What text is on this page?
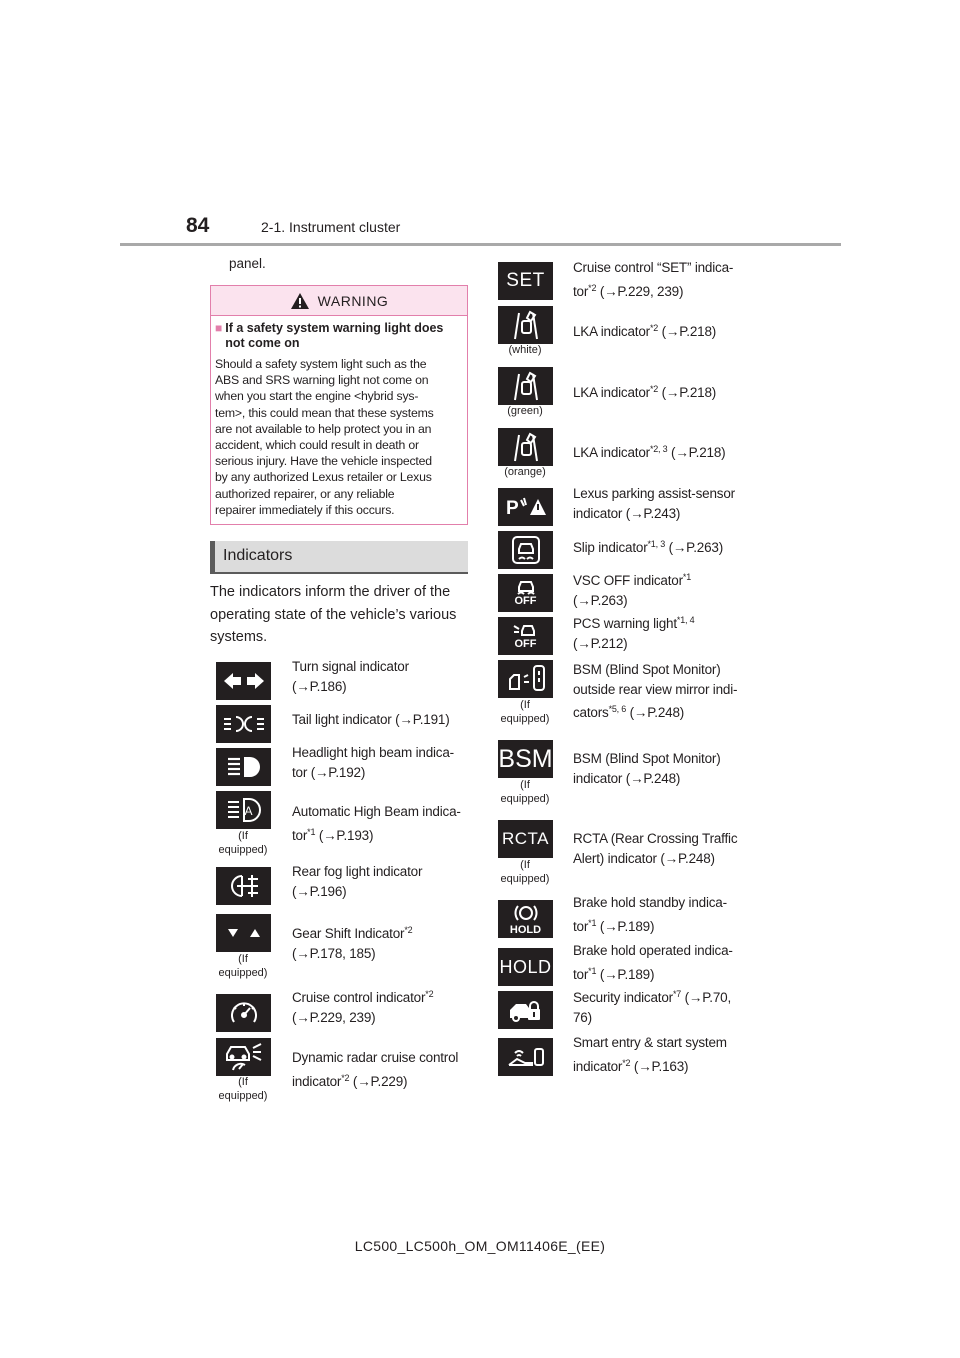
84	2-1. Instrument cluster
panel.
WARNING
■ If a safety system warning light does
not come on
Should a safety system light such as the
ABS and SRS warning light not come on
when you start the engine <hybrid sys-
tem>, this could mean that these systems
are not available to help protect you in an
accident, which could result in death or
serious injury. Have the vehicle inspected
by any authorized Lexus retailer or Lexus
authorized repairer, or any reliable
repairer immediately if this occurs.
Indicators
The indicators inform the driver of the
operating state of the vehicle’s various
systems.
A
(If
equipped)
(If
equipped)
(If
equipped)
Turn signal indicator
(→P.186)
Tail light indicator (→P.191)
Headlight high beam indica-
tor (→P.192)
Automatic High Beam indica-
tor$^{*1}$ (→P.193)
Rear fog light indicator
(→P.196)
Gear Shift Indicator$^{*2}$
(→P.178, 185)
Cruise control indicator$^{*2}$
(→P.229, 239)
Dynamic radar cruise control
indicator$^{*2}$ (→P.229)
SET
(white)
(green)
(orange)
P
OFF
OFF
(If
equipped)
BSM
(If
equipped)
RCTA
(If
equipped)
HOLD
HOLD
Cruise control “SET” indica-
tor$^{*2}$ (→P.229, 239)
LKA indicator$^{*2}$ (→P.218)
LKA indicator$^{*2}$ (→P.218)
LKA indicator$^{*2, 3}$ (→P.218)
Lexus parking assist-sensor
indicator (→P.243)
Slip indicator$^{*1, 3}$ (→P.263)
VSC OFF indicator$^{*1}$
(→P.263)
PCS warning light$^{*1, 4}$
(→P.212)
BSM (Blind Spot Monitor)
outside rear view mirror indi-
cators$^{*5, 6}$ (→P.248)
BSM (Blind Spot Monitor)
indicator (→P.248)
RCTA (Rear Crossing Traffic
Alert) indicator (→P.248)
Brake hold standby indica-
tor$^{*1}$ (→P.189)
Brake hold operated indica-
tor$^{*1}$ (→P.189)
Security indicator$^{*7}$ (→P.70,
76)
Smart entry & start system
indicator$^{*2}$ (→P.163)
LC500_LC500h_OM_OM11406E_(EE)
